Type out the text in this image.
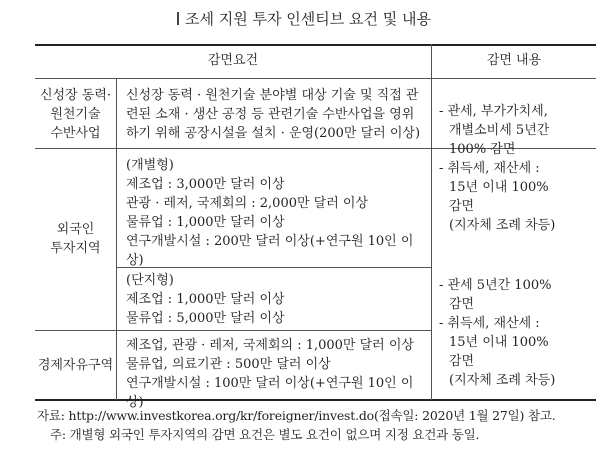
조세 지원 투자 인센티브 요건 및 내용
감면요건	감면 내용
신성장 동력·
원천기술
수반사업
신성장 동력 · 원천기술 분야별 대상 기술 및 직접 관
련된 소재 · 생산 공정 등 관련기술 수반사업을 영위
하기 위해 공장시설을 설치 · 운영(200만 달러 이상)
- 관세, 부가가치세,
개별소비세 5년간
100% 감면
- 취득세, 재산세 :
15년 이내 100%
감면
(지자체 조례 차등)
외국인
투자지역
(개별형)
제조업 : 3,000만 달러 이상
관광 · 레저, 국제회의 : 2,000만 달러 이상
물류업 : 1,000만 달러 이상
연구개발시설 : 200만 달러 이상(+연구원 10인 이상)
(단지형)
제조업 : 1,000만 달러 이상
물류업 : 5,000만 달러 이상
- 관세 5년간 100%
감면
- 취득세, 재산세 :
15년 이내 100%
감면
(지자체 조례 차등)
경제자유구역
제조업, 관광 · 레저, 국제회의 : 1,000만 달러 이상
물류업, 의료기관 : 500만 달러 이상
연구개발시설 : 100만 달러 이상(+연구원 10인 이상)
자료: http://www.investkorea.org/kr/foreigner/invest.do(접속일: 2020년 1월 27일) 참고.
주: 개별형 외국인 투자지역의 감면 요건은 별도 요건이 없으며 지정 요건과 동일.
